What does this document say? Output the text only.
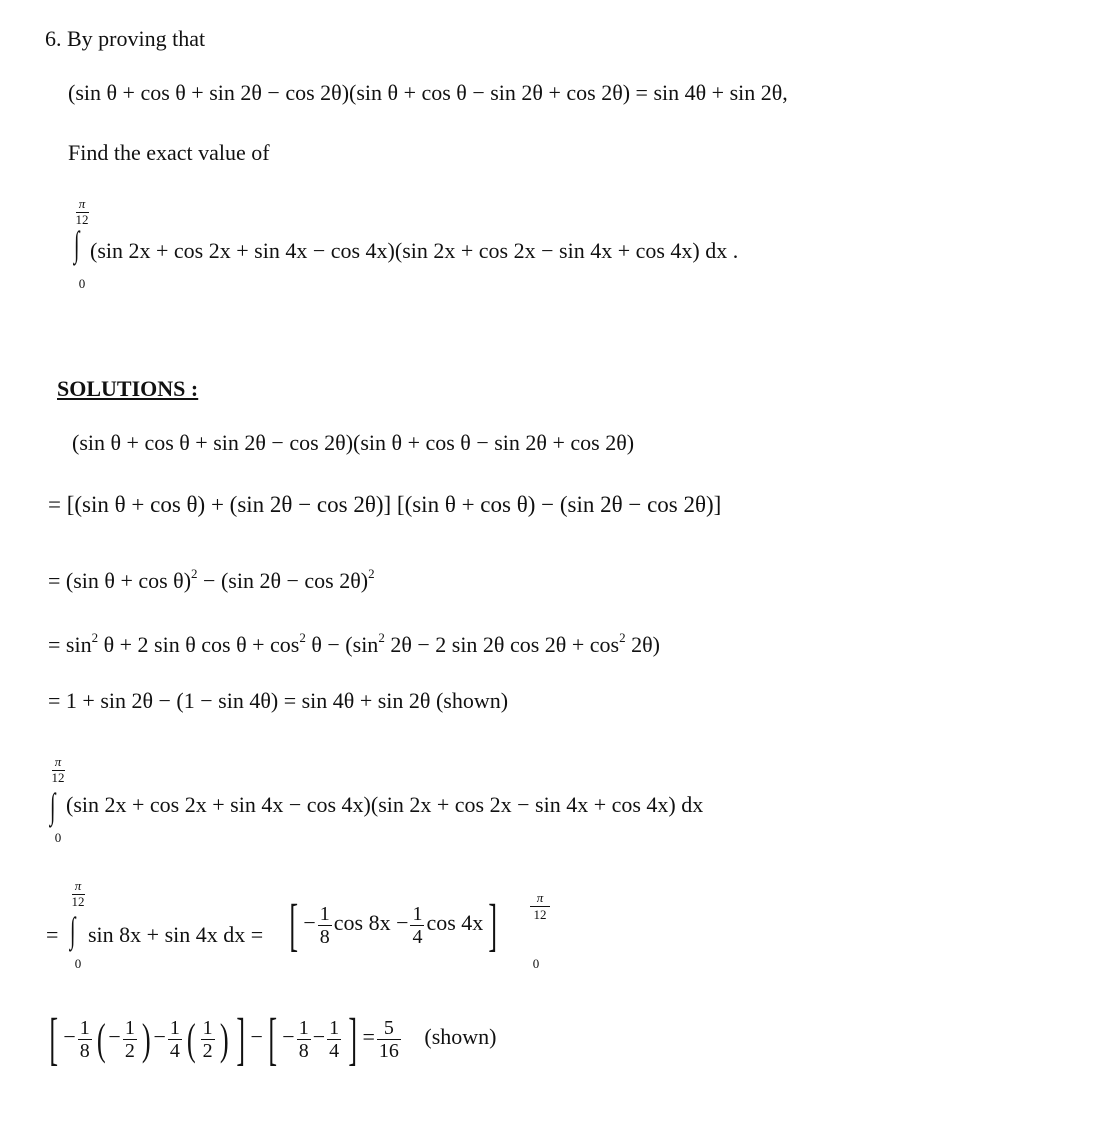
6. By proving that
(sin θ + cos θ + sin 2θ − cos 2θ)(sin θ + cos θ − sin 2θ + cos 2θ) = sin 4θ + sin 2θ,
Find the exact value of
π
12
∫
0
(sin 2x + cos 2x + sin 4x − cos 4x)(sin 2x + cos 2x − sin 4x + cos 4x) dx .
SOLUTIONS :
(sin θ + cos θ + sin 2θ − cos 2θ)(sin θ + cos θ − sin 2θ + cos 2θ)
= [(sin θ + cos θ) + (sin 2θ − cos 2θ)] [(sin θ + cos θ) − (sin 2θ − cos 2θ)]
= (sin θ + cos θ)$^2$ − (sin 2θ − cos 2θ)$^2$
= $\sin^2 \theta + 2$ sin θ $\cos \theta + \cos^2 \theta - (\sin^2$ 2θ − 2 sin 2θ $\cos 2\theta + \cos^2 2\theta$)
= 1 + sin 2θ − (1 − sin 4θ) = sin 4θ + sin 2θ (shown)
π
12
∫
0
(sin 2x + cos 2x + sin 4x − cos 4x)(sin 2x + cos 2x − sin 4x + cos 4x) dx
=
π
12
∫
0
sin 8x + sin 4x dx = [ − $\frac{1}{8}$ $\cos 8x - \frac{1}{4}$ cos 4x]	π
12
0
[ − $\frac{1}{8}$ ( − $\frac{1}{2}$ ) − $\frac{1}{4}$ ( $\frac{1}{2}$ ) ] −[ − $\frac{1}{8} - \frac{1}{4}$ ] = $\frac{5}{16}$ (shown)
